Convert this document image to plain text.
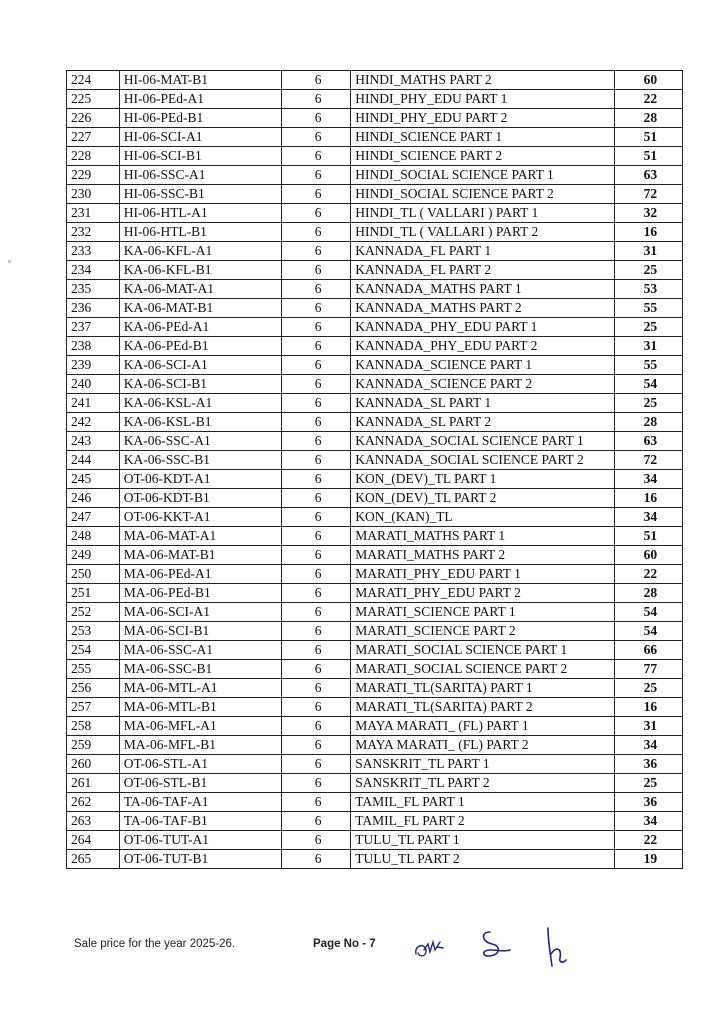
224	HI-06-MAT-B1	6	HINDI_MATHS PART 2	60
225	HI-06-PEd-A1	6	HINDI_PHY_EDU PART 1	22
226	HI-06-PEd-B1	6	HINDI_PHY_EDU PART 2	28
227	HI-06-SCI-A1	6	HINDI_SCIENCE PART 1	51
228	HI-06-SCI-B1	6	HINDI_SCIENCE PART 2	51
229	HI-06-SSC-A1	6	HINDI_SOCIAL SCIENCE PART 1	63
230	HI-06-SSC-B1	6	HINDI_SOCIAL SCIENCE PART 2	72
231	HI-06-HTL-A1	6	HINDI_TL ( VALLARI ) PART 1	32
232	HI-06-HTL-B1	6	HINDI_TL ( VALLARI ) PART 2	16
233	KA-06-KFL-A1	6	KANNADA_FL PART 1	31
234	KA-06-KFL-B1	6	KANNADA_FL PART 2	25
235	KA-06-MAT-A1	6	KANNADA_MATHS PART 1	53
236	KA-06-MAT-B1	6	KANNADA_MATHS PART 2	55
237	KA-06-PEd-A1	6	KANNADA_PHY_EDU PART 1	25
238	KA-06-PEd-B1	6	KANNADA_PHY_EDU PART 2	31
239	KA-06-SCI-A1	6	KANNADA_SCIENCE PART 1	55
240	KA-06-SCI-B1	6	KANNADA_SCIENCE PART 2	54
241	KA-06-KSL-A1	6	KANNADA_SL PART 1	25
242	KA-06-KSL-B1	6	KANNADA_SL PART 2	28
243	KA-06-SSC-A1	6	KANNADA_SOCIAL SCIENCE PART 1	63
244	KA-06-SSC-B1	6	KANNADA_SOCIAL SCIENCE PART 2	72
245	OT-06-KDT-A1	6	KON_(DEV)_TL PART 1	34
246	OT-06-KDT-B1	6	KON_(DEV)_TL PART 2	16
247	OT-06-KKT-A1	6	KON_(KAN)_TL	34
248	MA-06-MAT-A1	6	MARATI_MATHS PART 1	51
249	MA-06-MAT-B1	6	MARATI_MATHS PART 2	60
250	MA-06-PEd-A1	6	MARATI_PHY_EDU PART 1	22
251	MA-06-PEd-B1	6	MARATI_PHY_EDU PART 2	28
252	MA-06-SCI-A1	6	MARATI_SCIENCE PART 1	54
253	MA-06-SCI-B1	6	MARATI_SCIENCE PART 2	54
254	MA-06-SSC-A1	6	MARATI_SOCIAL SCIENCE PART 1	66
255	MA-06-SSC-B1	6	MARATI_SOCIAL SCIENCE PART 2	77
256	MA-06-MTL-A1	6	MARATI_TL(SARITA) PART 1	25
257	MA-06-MTL-B1	6	MARATI_TL(SARITA) PART 2	16
258	MA-06-MFL-A1	6	MAYA MARATI_ (FL) PART 1	31
259	MA-06-MFL-B1	6	MAYA MARATI_ (FL) PART 2	34
260	OT-06-STL-A1	6	SANSKRIT_TL PART 1	36
261	OT-06-STL-B1	6	SANSKRIT_TL PART 2	25
262	TA-06-TAF-A1	6	TAMIL_FL PART 1	36
263	TA-06-TAF-B1	6	TAMIL_FL PART 2	34
264	OT-06-TUT-A1	6	TULU_TL PART 1	22
265	OT-06-TUT-B1	6	TULU_TL PART 2	19
Sale price for the year 2025-26.	Page No - 7
